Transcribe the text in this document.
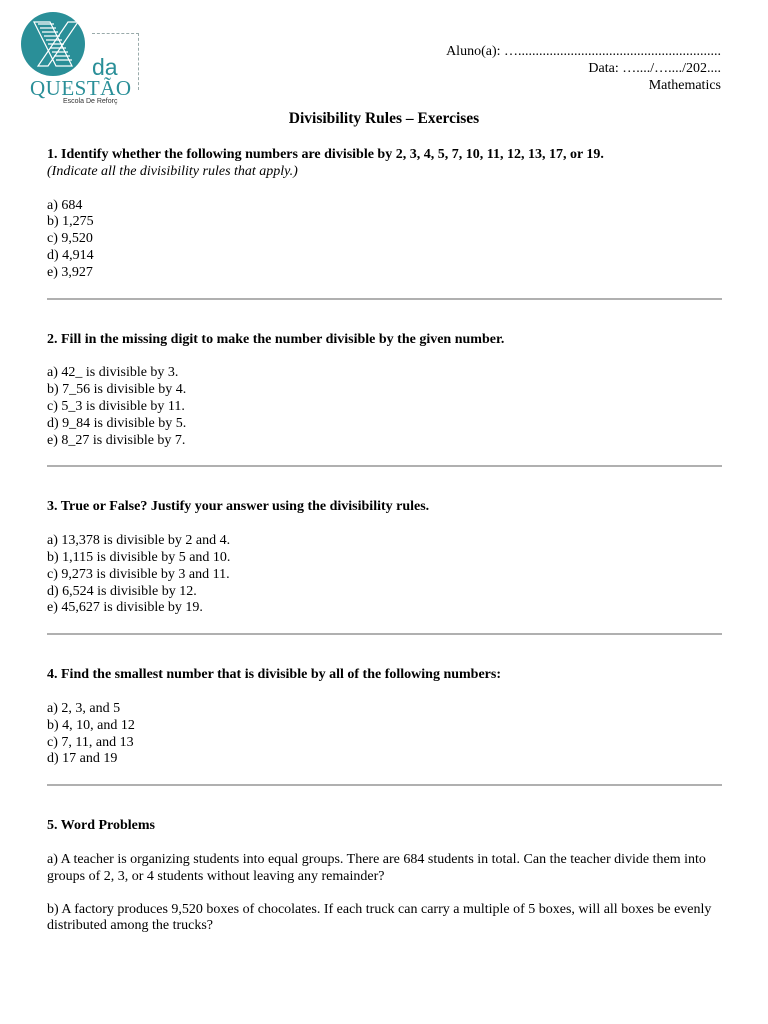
da
QUESTÃO
Escola De Reforç
Aluno(a): …..........................................................
Data: …..../…..../202....
Mathematics
Divisibility Rules – Exercises
1. Identify whether the following numbers are divisible by 2, 3, 4, 5, 7, 10, 11, 12, 13, 17, or 19.
(Indicate all the divisibility rules that apply.)
a) 684
b) 1,275
c) 9,520
d) 4,914
e) 3,927
2. Fill in the missing digit to make the number divisible by the given number.
a) 42_ is divisible by 3.
b) 7_56 is divisible by 4.
c) 5_3 is divisible by 11.
d) 9_84 is divisible by 5.
e) 8_27 is divisible by 7.
3. True or False? Justify your answer using the divisibility rules.
a) 13,378 is divisible by 2 and 4.
b) 1,115 is divisible by 5 and 10.
c) 9,273 is divisible by 3 and 11.
d) 6,524 is divisible by 12.
e) 45,627 is divisible by 19.
4. Find the smallest number that is divisible by all of the following numbers:
a) 2, 3, and 5
b) 4, 10, and 12
c) 7, 11, and 13
d) 17 and 19
5. Word Problems
a) A teacher is organizing students into equal groups. There are 684 students in total. Can the teacher divide them into groups of 2, 3, or 4 students without leaving any remainder?
b) A factory produces 9,520 boxes of chocolates. If each truck can carry a multiple of 5 boxes, will all boxes be evenly distributed among the trucks?
